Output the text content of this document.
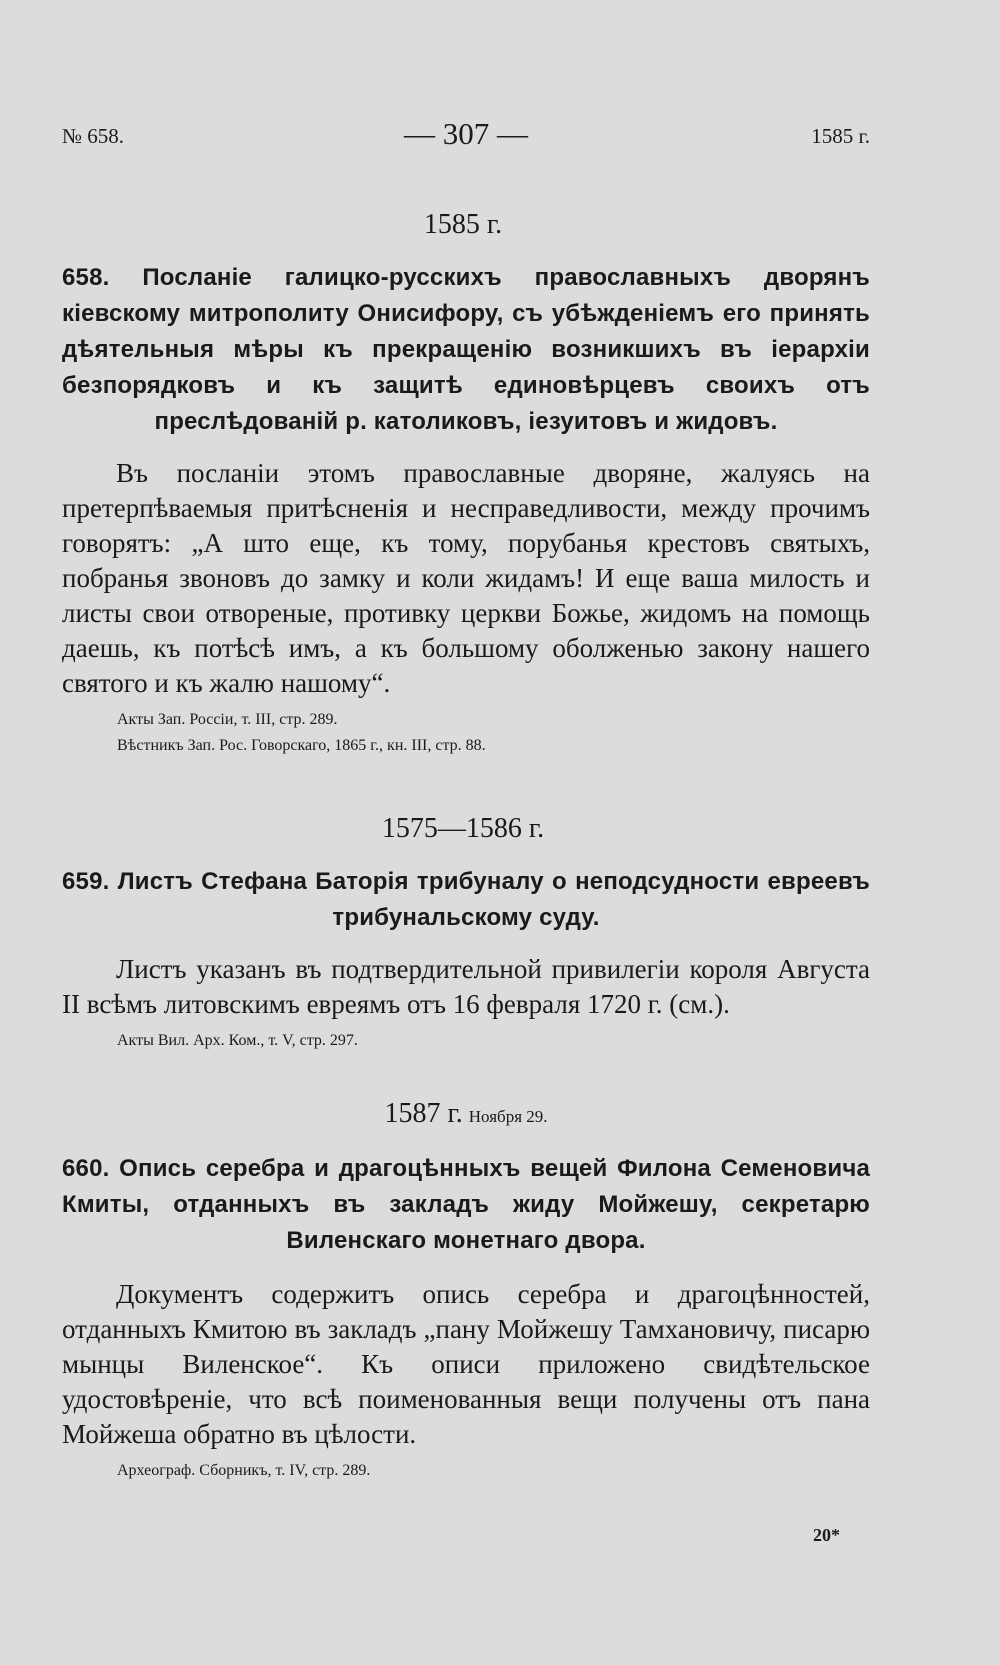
№ 658.	— 307 —	1585 г.
1585 г.
658. Посланіе галицко-русскихъ православныхъ дворянъ кіевскому митрополиту Онисифору, съ убѣжденіемъ его принять дѣятельныя мѣры къ прекращенію возникшихъ въ іерархіи безпорядковъ и къ защитѣ единовѣрцевъ своихъ отъ преслѣдованій р. католиковъ, іезуитовъ и жидовъ.

Въ посланіи этомъ православные дворяне, жалуясь на претерпѣваемыя притѣсненія и несправедливости, между прочимъ говорятъ: „А што еще, къ тому, порубанья крестовъ святыхъ, побранья звоновъ до замку и коли жидамъ! И еще ваша милость и листы свои отвореные, противку церкви Божье, жидомъ на помощь даешь, къ потѣсѣ имъ, а къ большому оболженью закону нашего святого и къ жалю нашому“.

Акты Зап. Россіи, т. III, стр. 289.
Вѣстникъ Зап. Рос. Говорскаго, 1865 г., кн. III, стр. 88.
1575—1586 г.
659. Листъ Стефана Баторія трибуналу о неподсудности евреевъ трибунальскому суду.

Листъ указанъ въ подтвердительной привилегіи короля Августа II всѣмъ литовскимъ евреямъ отъ 16 февраля 1720 г. (см.).

Акты Вил. Арх. Ком., т. V, стр. 297.
1587 г. Ноября 29.
660. Опись серебра и драгоцѣнныхъ вещей Филона Семеновича Кмиты, отданныхъ въ закладъ жиду Мойжешу, секретарю Виленскаго монетнаго двора.

Документъ содержитъ опись серебра и драгоцѣнностей, отданныхъ Кмитою въ закладъ „пану Мойжешу Тамхановичу, писарю мынцы Виленское“. Къ описи приложено свидѣтельское удостовѣреніе, что всѣ поименованныя вещи получены отъ пана Мойжеша обратно въ цѣлости.

Археограф. Сборникъ, т. IV, стр. 289.
20*
